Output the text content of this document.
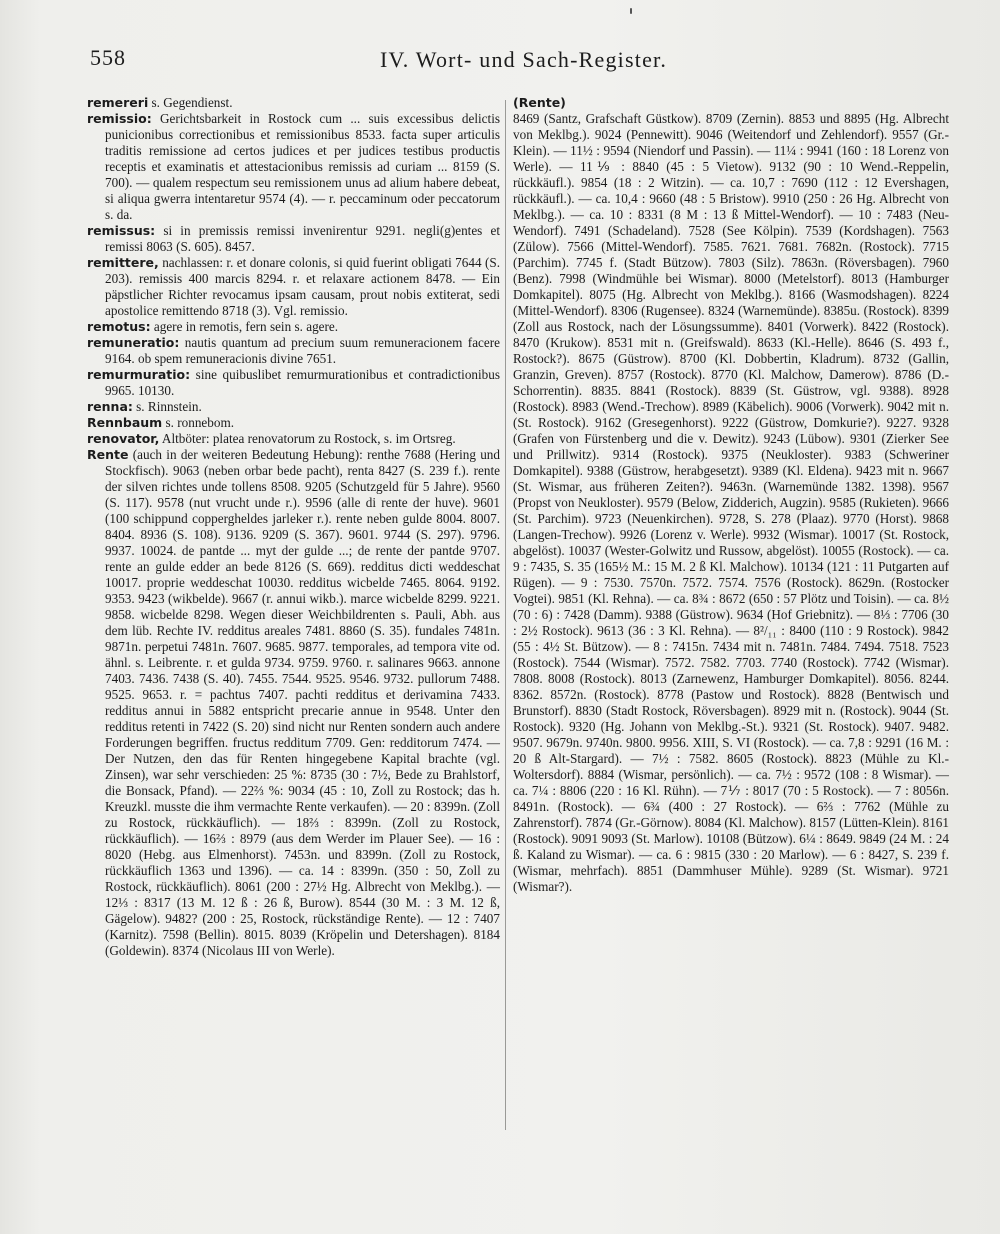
558	IV. Wort- und Sach-Register.

remereri s. Gegendienst.

remissio: Gerichtsbarkeit in Rostock cum ... suis excessibus delictis punicionibus correctionibus et remissionibus 8533. facta super articulis traditis remissione ad certos judices et per judices testibus productis receptis et examinatis et attestacionibus remissis ad curiam ... 8159 (S. 700). — qualem respectum seu remissionem unus ad alium habere debeat, si aliqua gwerra intentaretur 9574 (4). — r. peccaminum oder peccatorum s. da.

remissus: si in premissis remissi invenirentur 9291. negli(g)entes et remissi 8063 (S. 605). 8457.

remittere, nachlassen: r. et donare colonis, si quid fuerint obligati 7644 (S. 203). remissis 400 marcis 8294. r. et relaxare actionem 8478. — Ein päpstlicher Richter revocamus ipsam causam, prout nobis extiterat, sedi apostolice remittendo 8718 (3). Vgl. remissio.

remotus: agere in remotis, fern sein s. agere.

remuneratio: nautis quantum ad precium suum remuneracionem facere 9164. ob spem remuneracionis divine 7651.

remurmuratio: sine quibuslibet remurmurationibus et contradictionibus 9965. 10130.

renna: s. Rinnstein.

Rennbaum s. ronnebom.

renovator, Altböter: platea renovatorum zu Rostock, s. im Ortsreg.

Rente (auch in der weiteren Bedeutung Hebung): renthe 7688 (Hering und Stockfisch). 9063 (neben orbar bede pacht), renta 8427 (S. 239 f.). rente der silven richtes unde tollens 8508. 9205 (Schutzgeld für 5 Jahre). 9560 (S. 117). 9578 (nut vrucht unde r.). 9596 (alle di rente der huve). 9601 (100 schippund coppergheldes jarleker r.). rente neben gulde 8004. 8007. 8404. 8936 (S. 108). 9136. 9209 (S. 367). 9601. 9744 (S. 297). 9796. 9937. 10024. de pantde ... myt der gulde ...; de rente der pantde 9707. rente an gulde edder an bede 8126 (S. 669). redditus dicti weddeschat 10017. proprie weddeschat 10030. redditus wicbelde 7465. 8064. 9192. 9353. 9423 (wikbelde). 9667 (r. annui wikb.). marce wicbelde 8299. 9221. 9858. wicbelde 8298. Wegen dieser Weichbildrenten s. Pauli, Abh. aus dem lüb. Rechte IV. redditus areales 7481. 8860 (S. 35). fundales 7481n. 9871n. perpetui 7481n. 7607. 9685. 9877. temporales, ad tempora vite od. ähnl. s. Leibrente. r. et gulda 9734. 9759. 9760. r. salinares 9663. annone 7403. 7436. 7438 (S. 40). 7455. 7544. 9525. 9546. 9732. pullorum 7488. 9525. 9653. r. = pachtus 7407. pachti redditus et derivamina 7433. redditus annui in 5882 entspricht precarie annue in 9548. Unter den redditus retenti in 7422 (S. 20) sind nicht nur Renten sondern auch andere Forderungen begriffen. fructus redditum 7709. Gen: redditorum 7474. — Der Nutzen, den das für Renten hingegebene Kapital brachte (vgl. Zinsen), war sehr verschieden: 25 %: 8735 (30 : 7½, Bede zu Brahlstorf, die Bonsack, Pfand). — 22⅔ %: 9034 (45 : 10, Zoll zu Rostock; das h. Kreuzkl. musste die ihm vermachte Rente verkaufen). — 20 : 8399n. (Zoll zu Rostock, rückkäuflich). — 18⅔ : 8399n. (Zoll zu Rostock, rückkäuflich). — 16⅔ : 8979 (aus dem Werder im Plauer See). — 16 : 8020 (Hebg. aus Elmenhorst). 7453n. und 8399n. (Zoll zu Rostock, rückkäuflich 1363 und 1396). — ca. 14 : 8399n. (350 : 50, Zoll zu Rostock, rückkäuflich). 8061 (200 : 27½ Hg. Albrecht von Meklbg.). — 12⅓ : 8317 (13 M. 12 ß : 26 ß, Burow). 8544 (30 M. : 3 M. 12 ß, Gägelow). 9482? (200 : 25, Rostock, rückständige Rente). — 12 : 7407 (Karnitz). 7598 (Bellin). 8015. 8039 (Kröpelin und Detershagen). 8184 (Goldewin). 8374 (Nicolaus III von Werle).

(Rente)

8469 (Santz, Grafschaft Güstkow). 8709 (Zernin). 8853 und 8895 (Hg. Albrecht von Meklbg.). 9024 (Pennewitt). 9046 (Weitendorf und Zehlendorf). 9557 (Gr.-Klein). — 11½ : 9594 (Niendorf und Passin). — 11¼ : 9941 (160 : 18 Lorenz von Werle). — 11⅑ : 8840 (45 : 5 Vietow). 9132 (90 : 10 Wend.-Reppelin, rückkäufl.). 9854 (18 : 2 Witzin). — ca. 10,7 : 7690 (112 : 12 Evershagen, rückkäufl.). — ca. 10,4 : 9660 (48 : 5 Bristow). 9910 (250 : 26 Hg. Albrecht von Meklbg.). — ca. 10 : 8331 (8 M : 13 ß Mittel-Wendorf). — 10 : 7483 (Neu-Wendorf). 7491 (Schadeland). 7528 (See Kölpin). 7539 (Kordshagen). 7563 (Zülow). 7566 (Mittel-Wendorf). 7585. 7621. 7681. 7682n. (Rostock). 7715 (Parchim). 7745 f. (Stadt Bützow). 7803 (Silz). 7863n. (Röversbagen). 7960 (Benz). 7998 (Windmühle bei Wismar). 8000 (Metelstorf). 8013 (Hamburger Domkapitel). 8075 (Hg. Albrecht von Meklbg.). 8166 (Wasmodshagen). 8224 (Mittel-Wendorf). 8306 (Rugensee). 8324 (Warnemünde). 8385u. (Rostock). 8399 (Zoll aus Rostock, nach der Lösungssumme). 8401 (Vorwerk). 8422 (Rostock). 8470 (Krukow). 8531 mit n. (Greifswald). 8633 (Kl.-Helle). 8646 (S. 493 f., Rostock?). 8675 (Güstrow). 8700 (Kl. Dobbertin, Kladrum). 8732 (Gallin, Granzin, Greven). 8757 (Rostock). 8770 (Kl. Malchow, Damerow). 8786 (D.-Schorrentin). 8835. 8841 (Rostock). 8839 (St. Güstrow, vgl. 9388). 8928 (Rostock). 8983 (Wend.-Trechow). 8989 (Käbelich). 9006 (Vorwerk). 9042 mit n. (St. Rostock). 9162 (Gresegenhorst). 9222 (Güstrow, Domkurie?). 9227. 9328 (Grafen von Fürstenberg und die v. Dewitz). 9243 (Lübow). 9301 (Zierker See und Prillwitz). 9314 (Rostock). 9375 (Neukloster). 9383 (Schweriner Domkapitel). 9388 (Güstrow, herabgesetzt). 9389 (Kl. Eldena). 9423 mit n. 9667 (St. Wismar, aus früheren Zeiten?). 9463n. (Warnemünde 1382. 1398). 9567 (Propst von Neukloster). 9579 (Below, Zidderich, Augzin). 9585 (Rukieten). 9666 (St. Parchim). 9723 (Neuenkirchen). 9728, S. 278 (Plaaz). 9770 (Horst). 9868 (Langen-Trechow). 9926 (Lorenz v. Werle). 9932 (Wismar). 10017 (St. Rostock, abgelöst). 10037 (Wester-Golwitz und Russow, abgelöst). 10055 (Rostock). — ca. 9 : 7435, S. 35 (165½ M.: 15 M. 2 ß Kl. Malchow). 10134 (121 : 11 Putgarten auf Rügen). — 9 : 7530. 7570n. 7572. 7574. 7576 (Rostock). 8629n. (Rostocker Vogtei). 9851 (Kl. Rehna). — ca. 8¾ : 8672 (650 : 57 Plötz und Toisin). — ca. 8½ (70 : 6) : 7428 (Damm). 9388 (Güstrow). 9634 (Hof Griebnitz). — 8⅓ : 7706 (30 : 2½ Rostock). 9613 (36 : 3 Kl. Rehna). — 8²/₁₁ : 8400 (110 : 9 Rostock). 9842 (55 : 4½ St. Bützow). — 8 : 7415n. 7434 mit n. 7481n. 7484. 7494. 7518. 7523 (Rostock). 7544 (Wismar). 7572. 7582. 7703. 7740 (Rostock). 7742 (Wismar). 7808. 8008 (Rostock). 8013 (Zarnewenz, Hamburger Domkapitel). 8056. 8244. 8362. 8572n. (Rostock). 8778 (Pastow und Rostock). 8828 (Bentwisch und Brunstorf). 8830 (Stadt Rostock, Röversbagen). 8929 mit n. (Rostock). 9044 (St. Rostock). 9320 (Hg. Johann von Meklbg.-St.). 9321 (St. Rostock). 9407. 9482. 9507. 9679n. 9740n. 9800. 9956. XIII, S. VI (Rostock). — ca. 7,8 : 9291 (16 M. : 20 ß Alt-Stargard). — 7½ : 7582. 8605 (Rostock). 8823 (Mühle zu Kl.-Woltersdorf). 8884 (Wismar, persönlich). — ca. 7½ : 9572 (108 : 8 Wismar). — ca. 7¼ : 8806 (220 : 16 Kl. Rühn). — 7⅐ : 8017 (70 : 5 Rostock). — 7 : 8056n. 8491n. (Rostock). — 6¾ (400 : 27 Rostock). — 6⅔ : 7762 (Mühle zu Zahrenstorf). 7874 (Gr.-Görnow). 8084 (Kl. Malchow). 8157 (Lütten-Klein). 8161 (Rostock). 9091 9093 (St. Marlow). 10108 (Bützow). 6¼ : 8649. 9849 (24 M. : 24 ß. Kaland zu Wismar). — ca. 6 : 9815 (330 : 20 Marlow). — 6 : 8427, S. 239 f. (Wismar, mehrfach). 8851 (Dammhuser Mühle). 9289 (St. Wismar). 9721 (Wismar?).
